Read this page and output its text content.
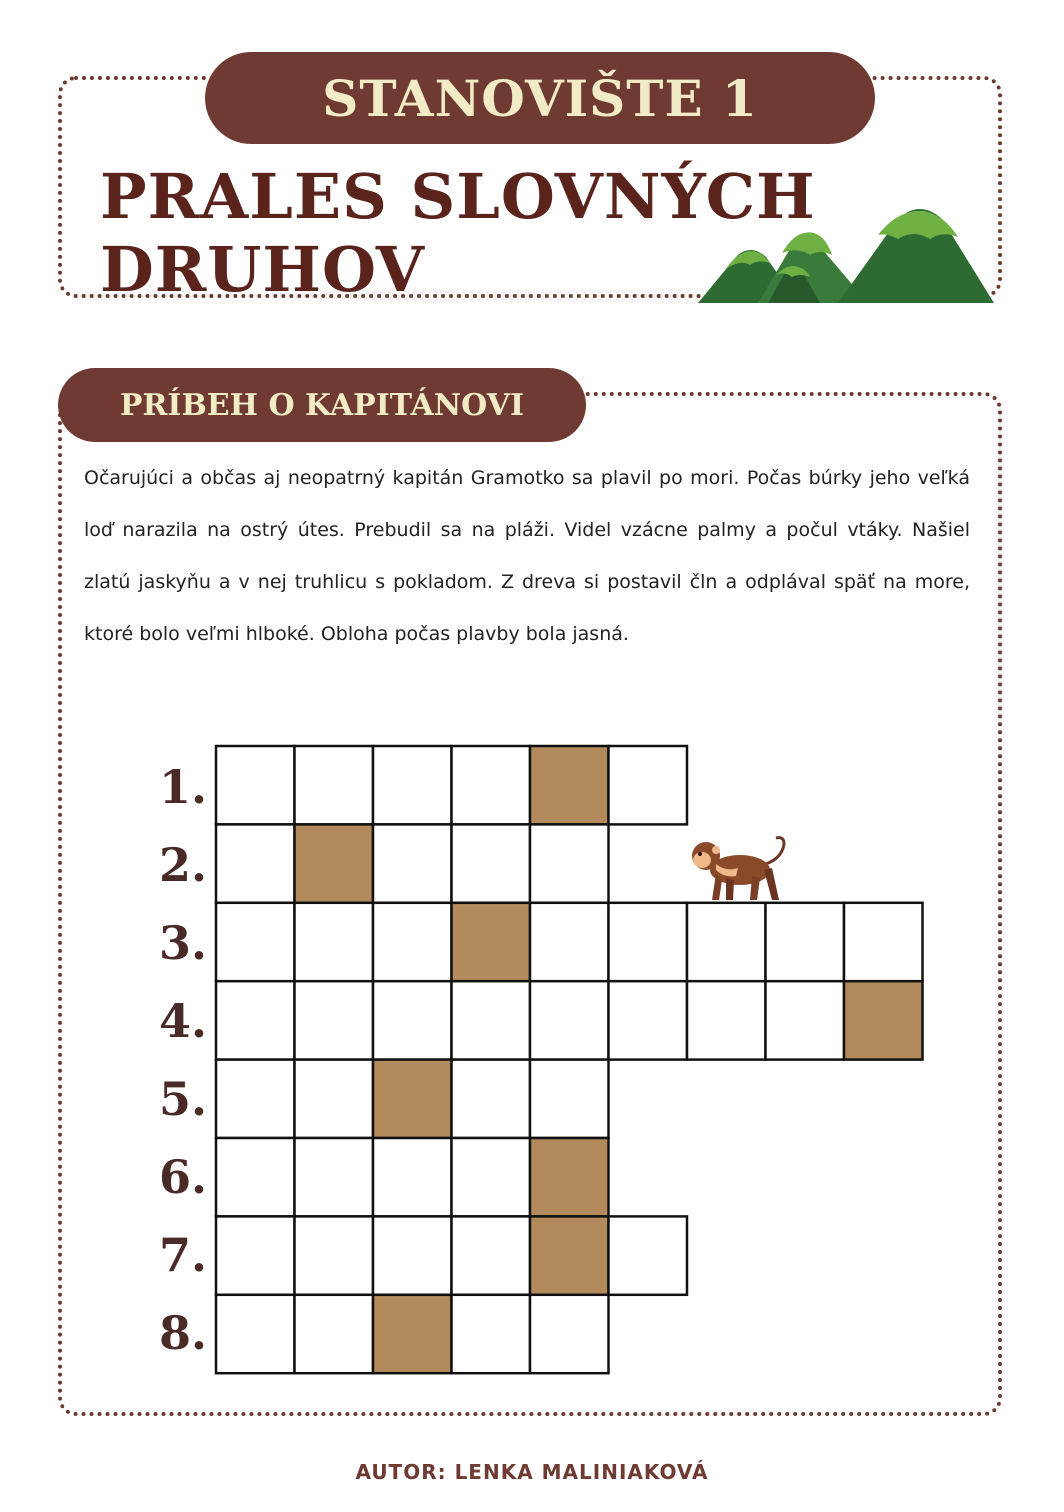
STANOVIŠTE 1
PRALES SLOVNÝCH DRUHOV
PRÍBEH O KAPITÁNOVI

Očarujúci a občas aj neopatrný kapitán Gramotko sa plavil po mori. Počas búrky jeho veľká loď narazila na ostrý útes. Prebudil sa na pláži. Videl vzácne palmy a počul vtáky. Našiel zlatú jaskyňu a v nej truhlicu s pokladom. Z dreva si postavil čln a odplával späť na more, ktoré bolo veľmi hlboké. Obloha počas plavby bola jasná.

1.
2.
3.
4.
5.
6.
7.
8.
AUTOR: LENKA MALINIAKOVÁ
